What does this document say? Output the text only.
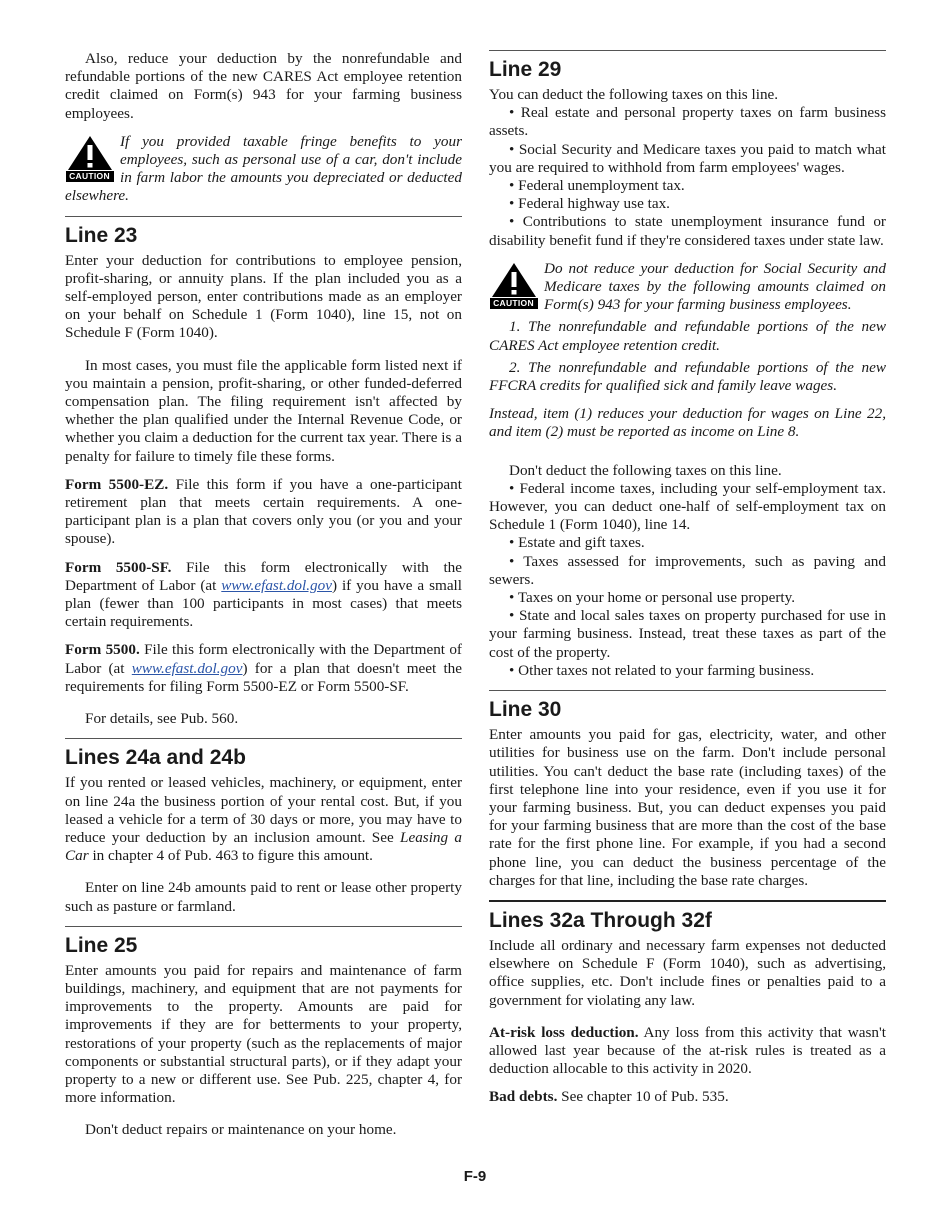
Also, reduce your deduction by the nonrefundable and refundable portions of the new CARES Act employee retention credit claimed on Form(s) 943 for your farming business employees.

CAUTION

If you provided taxable fringe benefits to your employees, such as personal use of a car, don't include in farm labor the amounts you depreciated or deducted elsewhere.

Line 23

Enter your deduction for contributions to employee pension, profit-sharing, or annuity plans. If the plan included you as a self-employed person, enter contributions made as an employer on your behalf on Schedule 1 (Form 1040), line 15, not on Schedule F (Form 1040).

In most cases, you must file the applicable form listed next if you maintain a pension, profit-sharing, or other funded-deferred compensation plan. The filing requirement isn't affected by whether the plan qualified under the Internal Revenue Code, or whether you claim a deduction for the current tax year. There is a penalty for failure to timely file these forms.

Form 5500-EZ. File this form if you have a one-participant retirement plan that meets certain requirements. A one-participant plan is a plan that covers only you (or you and your spouse).

Form 5500-SF. File this form electronically with the Department of Labor (at www.efast.dol.gov) if you have a small plan (fewer than 100 participants in most cases) that meets certain requirements.

Form 5500. File this form electronically with the Department of Labor (at www.efast.dol.gov) for a plan that doesn't meet the requirements for filing Form 5500-EZ or Form 5500-SF.

For details, see Pub. 560.

Lines 24a and 24b

If you rented or leased vehicles, machinery, or equipment, enter on line 24a the business portion of your rental cost. But, if you leased a vehicle for a term of 30 days or more, you may have to reduce your deduction by an inclusion amount. See Leasing a Car in chapter 4 of Pub. 463 to figure this amount.

Enter on line 24b amounts paid to rent or lease other property such as pasture or farmland.

Line 25

Enter amounts you paid for repairs and maintenance of farm buildings, machinery, and equipment that are not payments for improvements to the property. Amounts are paid for improvements if they are for betterments to your property, restorations of your property (such as the replacements of major components or substantial structural parts), or if they adapt your property to a new or different use. See Pub. 225, chapter 4, for more information.

Don't deduct repairs or maintenance on your home.

Line 29

You can deduct the following taxes on this line.

• Real estate and personal property taxes on farm business assets.

• Social Security and Medicare taxes you paid to match what you are required to withhold from farm employees' wages.

• Federal unemployment tax.

• Federal highway use tax.

• Contributions to state unemployment insurance fund or disability benefit fund if they're considered taxes under state law.

CAUTION

Do not reduce your deduction for Social Security and Medicare taxes by the following amounts claimed on Form(s) 943 for your farming business employees.

1. The nonrefundable and refundable portions of the new CARES Act employee retention credit.

2. The nonrefundable and refundable portions of the new FFCRA credits for qualified sick and family leave wages.

Instead, item (1) reduces your deduction for wages on Line 22, and item (2) must be reported as income on Line 8.

Don't deduct the following taxes on this line.

• Federal income taxes, including your self-employment tax. However, you can deduct one-half of self-employment tax on Schedule 1 (Form 1040), line 14.

• Estate and gift taxes.

• Taxes assessed for improvements, such as paving and sewers.

• Taxes on your home or personal use property.

• State and local sales taxes on property purchased for use in your farming business. Instead, treat these taxes as part of the cost of the property.

• Other taxes not related to your farming business.

Line 30

Enter amounts you paid for gas, electricity, water, and other utilities for business use on the farm. Don't include personal utilities. You can't deduct the base rate (including taxes) of the first telephone line into your residence, even if you use it for your farming business. But, you can deduct expenses you paid for your farming business that are more than the cost of the base rate for the first phone line. For example, if you had a second phone line, you can deduct the business percentage of the charges for that line, including the base rate charges.

Lines 32a Through 32f

Include all ordinary and necessary farm expenses not deducted elsewhere on Schedule F (Form 1040), such as advertising, office supplies, etc. Don't include fines or penalties paid to a government for violating any law.

At-risk loss deduction. Any loss from this activity that wasn't allowed last year because of the at-risk rules is treated as a deduction allocable to this activity in 2020.

Bad debts. See chapter 10 of Pub. 535.

F-9
